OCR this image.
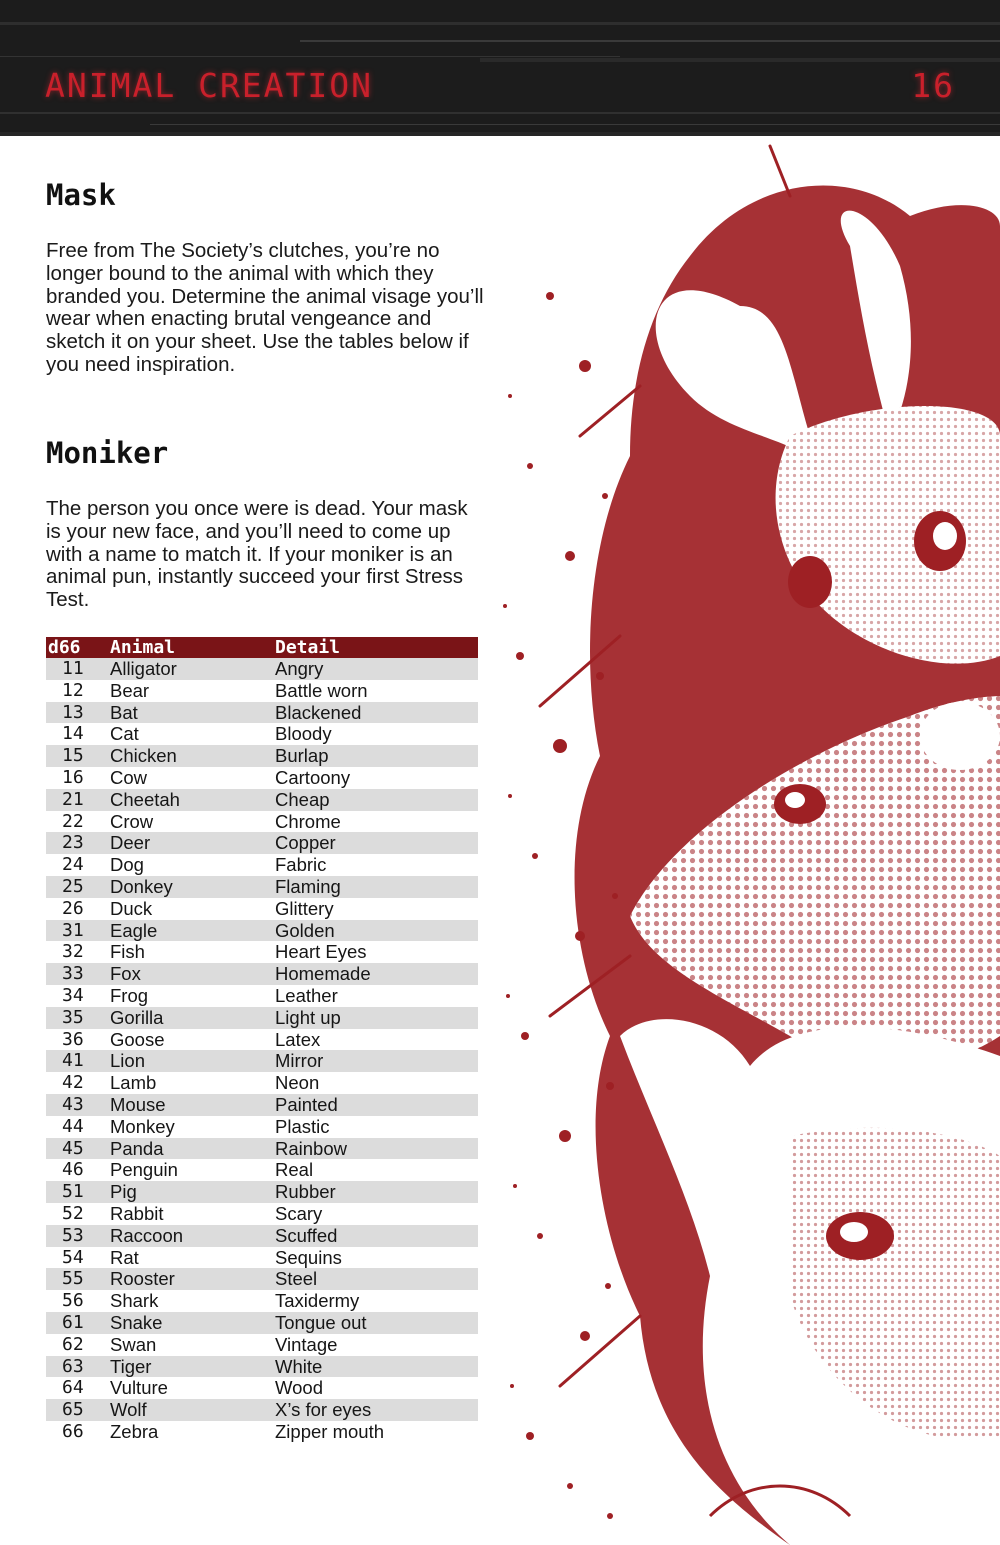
ANIMAL CREATION	16
Mask

Free from The Society’s clutches, you’re no longer bound to the animal with which they branded you. Determine the animal visage you’ll wear when enacting brutal vengeance and sketch it on your sheet. Use the tables below if you need inspiration.

Moniker

The person you once were is dead. Your mask is your new face, and you’ll need to come up with a name to match it. If your moniker is an animal pun, instantly succeed your first Stress Test.

d66	Animal	Detail
11	Alligator	Angry
12	Bear	Battle worn
13	Bat	Blackened
14	Cat	Bloody
15	Chicken	Burlap
16	Cow	Cartoony
21	Cheetah	Cheap
22	Crow	Chrome
23	Deer	Copper
24	Dog	Fabric
25	Donkey	Flaming
26	Duck	Glittery
31	Eagle	Golden
32	Fish	Heart Eyes
33	Fox	Homemade
34	Frog	Leather
35	Gorilla	Light up
36	Goose	Latex
41	Lion	Mirror
42	Lamb	Neon
43	Mouse	Painted
44	Monkey	Plastic
45	Panda	Rainbow
46	Penguin	Real
51	Pig	Rubber
52	Rabbit	Scary
53	Raccoon	Scuffed
54	Rat	Sequins
55	Rooster	Steel
56	Shark	Taxidermy
61	Snake	Tongue out
62	Swan	Vintage
63	Tiger	White
64	Vulture	Wood
65	Wolf	X’s for eyes
66	Zebra	Zipper mouth
